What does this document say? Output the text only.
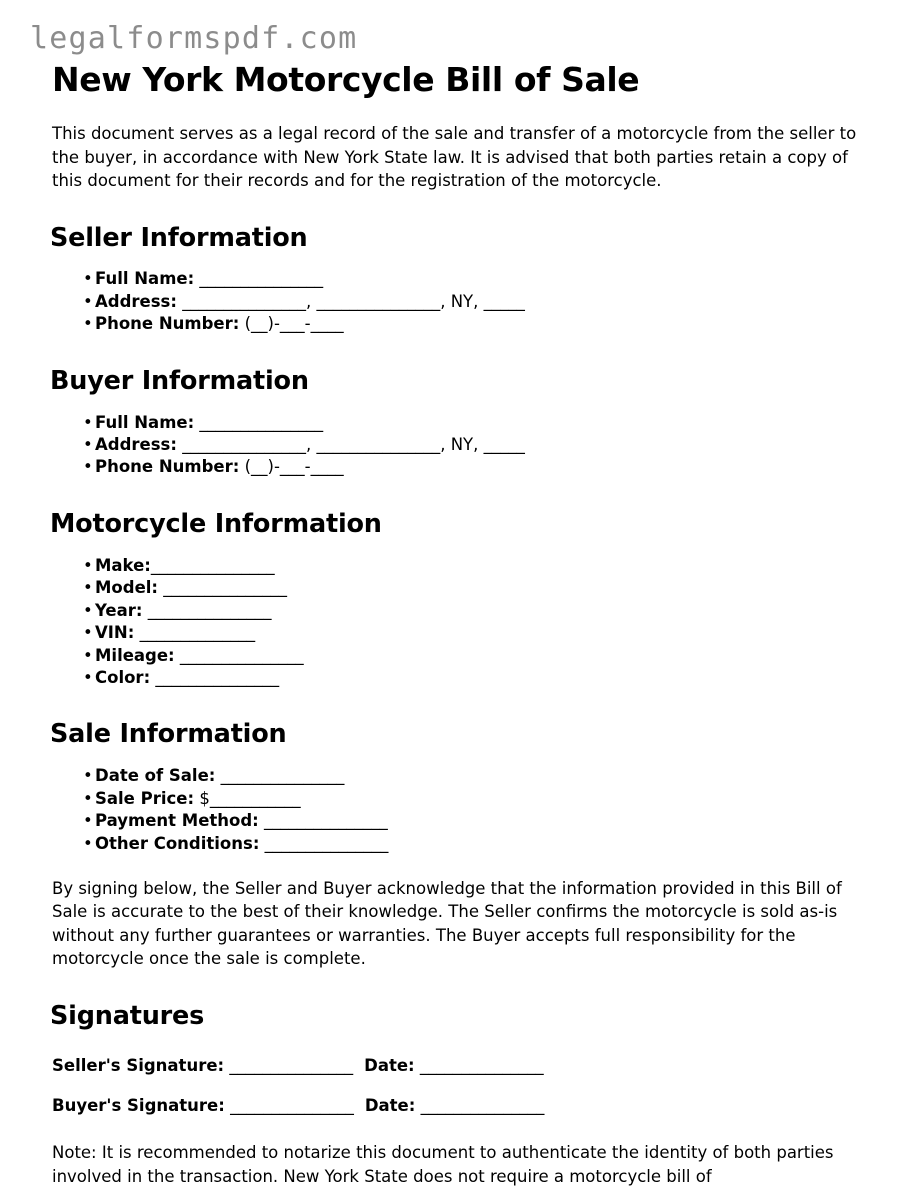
legalformspdf.com
New York Motorcycle Bill of Sale

This document serves as a legal record of the sale and transfer of a motorcycle from the seller to the buyer, in accordance with New York State law. It is advised that both parties retain a copy of this document for their records and for the registration of the motorcycle.

Seller Information
• Full Name: _______________
• Address: _______________, _______________, NY, _____
• Phone Number: (__)-___-____
Buyer Information
• Full Name: _______________
• Address: _______________, _______________, NY, _____
• Phone Number: (__)-___-____
Motorcycle Information
• Make:_______________
• Model: _______________
• Year: _______________
• VIN: ______________
• Mileage: _______________
• Color: _______________
Sale Information
• Date of Sale: _______________
• Sale Price: $___________
• Payment Method: _______________
• Other Conditions: _______________

By signing below, the Seller and Buyer acknowledge that the information provided in this Bill of Sale is accurate to the best of their knowledge. The Seller confirms the motorcycle is sold as-is without any further guarantees or warranties. The Buyer accepts full responsibility for the motorcycle once the sale is complete.

Signatures
Seller's Signature: _______________ Date: _______________
Buyer's Signature: _______________ Date: _______________

Note: It is recommended to notarize this document to authenticate the identity of both parties involved in the transaction. New York State does not require a motorcycle bill of
